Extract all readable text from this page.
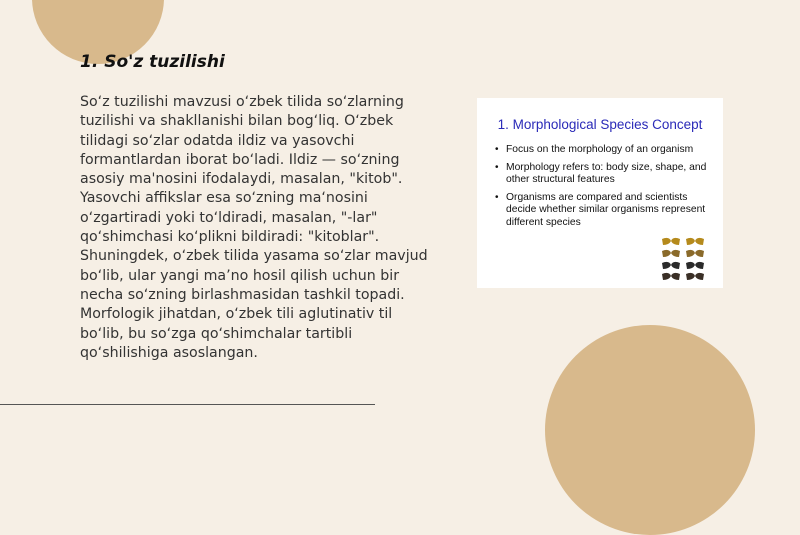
1. So'z tuzilishi
So‘z tuzilishi mavzusi o‘zbek tilida so‘zlarning tuzilishi va shakllanishi bilan bog‘liq. O‘zbek tilidagi so‘zlar odatda ildiz va yasovchi formantlardan iborat bo‘ladi. Ildiz — so‘zning asosiy ma'nosini ifodalaydi, masalan, "kitob". Yasovchi affikslar esa so‘zning ma‘nosini o‘zgartiradi yoki to‘ldiradi, masalan, "-lar" qo‘shimchasi ko‘plikni bildiradi: "kitoblar". Shuningdek, o‘zbek tilida yasama so‘zlar mavjud bo‘lib, ular yangi ma’no hosil qilish uchun bir necha so‘zning birlashmasidan tashkil topadi. Morfologik jihatdan, o‘zbek tili aglutinativ til bo‘lib, bu so‘zga qo‘shimchalar tartibli qo‘shilishiga asoslangan.
1. Morphological Species Concept
• Focus on the morphology of an organism
• Morphology refers to: body size, shape, and other structural features
• Organisms are compared and scientists decide whether similar organisms represent different species
